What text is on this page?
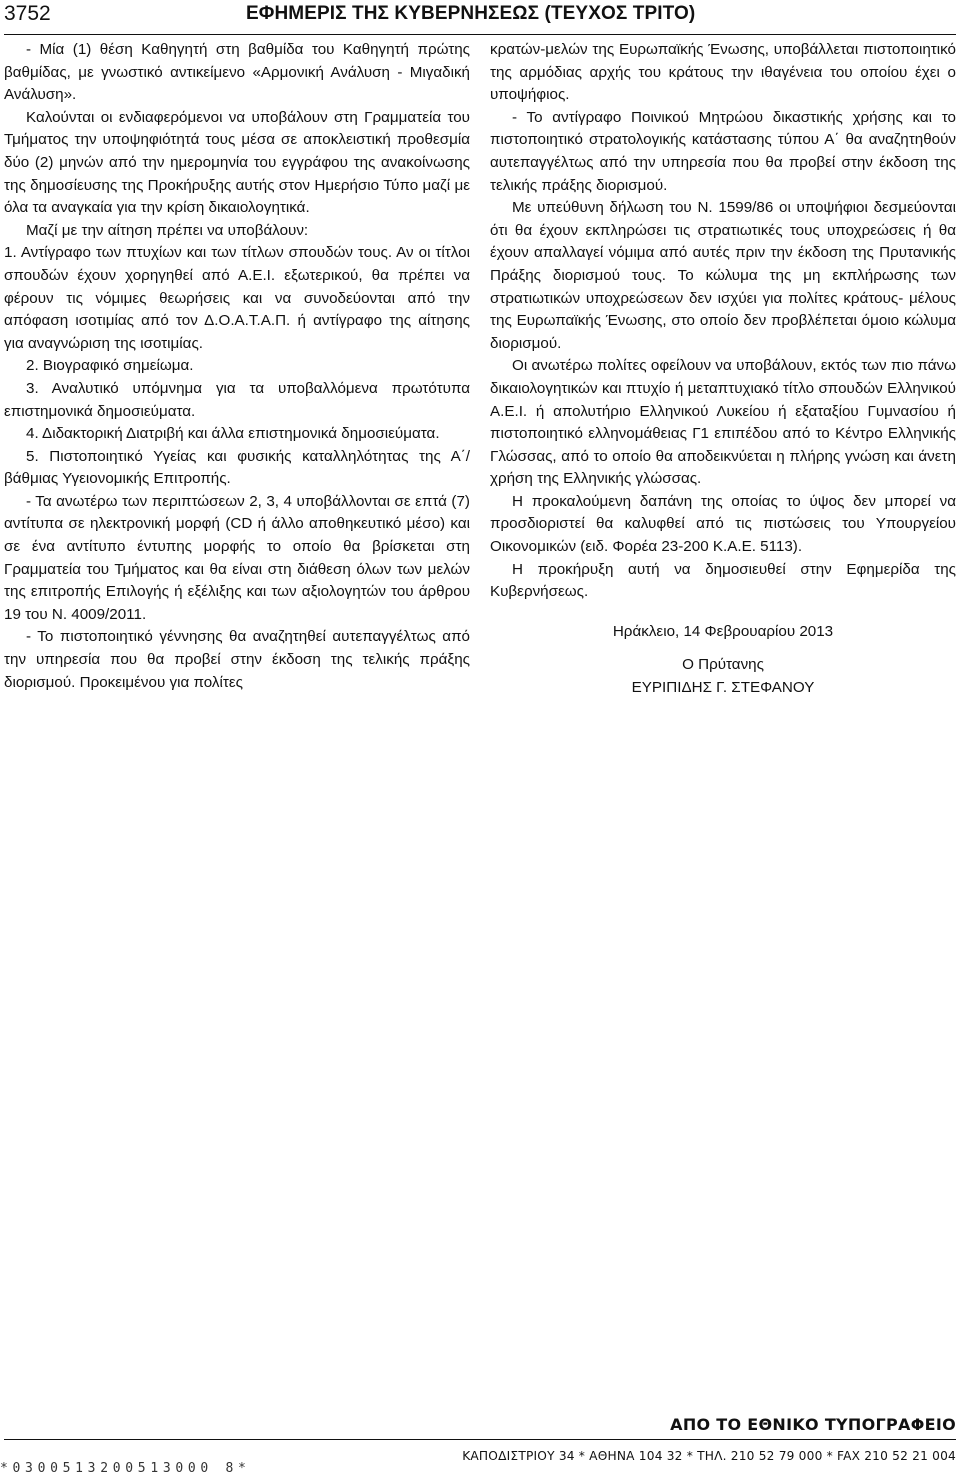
3752	ΕΦΗΜΕΡΙΣ ΤΗΣ ΚΥΒΕΡΝΗΣΕΩΣ (ΤΕΥΧΟΣ ΤΡΙΤΟ)

- Μία (1) θέση Καθηγητή στη βαθμίδα του Καθηγητή πρώτης βαθμίδας, με γνωστικό αντικείμενο «Αρμονική Ανάλυση - Μιγαδική Ανάλυση».

Καλούνται οι ενδιαφερόμενοι να υποβάλουν στη Γραμματεία του Τμήματος την υποψηφιότητά τους μέσα σε αποκλειστική προθεσμία δύο (2) μηνών από την ημερομηνία του εγγράφου της ανακοίνωσης της δημοσίευσης της Προκήρυξης αυτής στον Ημερήσιο Τύπο μαζί με όλα τα αναγκαία για την κρίση δικαιολογητικά.

Μαζί με την αίτηση πρέπει να υποβάλουν:

1. Αντίγραφο των πτυχίων και των τίτλων σπουδών τους. Αν οι τίτλοι σπουδών έχουν χορηγηθεί από Α.Ε.Ι. εξωτερικού, θα πρέπει να φέρουν τις νόμιμες θεωρήσεις και να συνοδεύονται από την απόφαση ισοτιμίας από τον Δ.Ο.Α.Τ.Α.Π. ή αντίγραφο της αίτησης για αναγνώριση της ισοτιμίας.

2. Βιογραφικό σημείωμα.

3. Αναλυτικό υπόμνημα για τα υποβαλλόμενα πρωτότυπα επιστημονικά δημοσιεύματα.

4. Διδακτορική Διατριβή και άλλα επιστημονικά δημοσιεύματα.

5. Πιστοποιητικό Υγείας και φυσικής καταλληλότητας της Α΄/βάθμιας Υγειονομικής Επιτροπής.

- Τα ανωτέρω των περιπτώσεων 2, 3, 4 υποβάλλονται σε επτά (7) αντίτυπα σε ηλεκτρονική μορφή (CD ή άλλο αποθηκευτικό μέσο) και σε ένα αντίτυπο έντυπης μορφής το οποίο θα βρίσκεται στη Γραμματεία του Τμήματος και θα είναι στη διάθεση όλων των μελών της επιτροπής Επιλογής ή εξέλιξης και των αξιολογητών του άρθρου 19 του Ν. 4009/2011.

- Το πιστοποιητικό γέννησης θα αναζητηθεί αυτεπαγγέλτως από την υπηρεσία που θα προβεί στην έκδοση της τελικής πράξης διορισμού. Προκειμένου για πολίτες

κρατών-μελών της Ευρωπαϊκής Ένωσης, υποβάλλεται πιστοποιητικό της αρμόδιας αρχής του κράτους την ιθαγένεια του οποίου έχει ο υποψήφιος.

- Το αντίγραφο Ποινικού Μητρώου δικαστικής χρήσης και το πιστοποιητικό στρατολογικής κατάστασης τύπου Α΄ θα αναζητηθούν αυτεπαγγέλτως από την υπηρεσία που θα προβεί στην έκδοση της τελικής πράξης διορισμού.

Με υπεύθυνη δήλωση του Ν. 1599/86 οι υποψήφιοι δεσμεύονται ότι θα έχουν εκπληρώσει τις στρατιωτικές τους υποχρεώσεις ή θα έχουν απαλλαγεί νόμιμα από αυτές πριν την έκδοση της Πρυτανικής Πράξης διορισμού τους. Το κώλυμα της μη εκπλήρωσης των στρατιωτικών υποχρεώσεων δεν ισχύει για πολίτες κράτους- μέλους της Ευρωπαϊκής Ένωσης, στο οποίο δεν προβλέπεται όμοιο κώλυμα διορισμού.

Οι ανωτέρω πολίτες οφείλουν να υποβάλουν, εκτός των πιο πάνω δικαιολογητικών και πτυχίο ή μεταπτυχιακό τίτλο σπουδών Ελληνικού Α.Ε.Ι. ή απολυτήριο Ελληνικού Λυκείου ή εξαταξίου Γυμνασίου ή πιστοποιητικό ελληνομάθειας Γ1 επιπέδου από το Κέντρο Ελληνικής Γλώσσας, από το οποίο θα αποδεικνύεται η πλήρης γνώση και άνετη χρήση της Ελληνικής γλώσσας.

Η προκαλούμενη δαπάνη της οποίας το ύψος δεν μπορεί να προσδιοριστεί θα καλυφθεί από τις πιστώσεις του Υπουργείου Οικονομικών (ειδ. Φορέα 23-200 Κ.Α.Ε. 5113).

Η προκήρυξη αυτή να δημοσιευθεί στην Εφημερίδα της Κυβερνήσεως.

Ηράκλειο, 14 Φεβρουαρίου 2013

Ο Πρύτανης

ΕΥΡΙΠΙΔΗΣ Γ. ΣΤΕΦΑΝΟΥ

ΑΠΟ ΤΟ ΕΘΝΙΚΟ ΤΥΠΟΓΡΑΦΕΙΟ
ΚΑΠΟΔΙΣΤΡΙΟΥ 34 * ΑΘΗΝΑ 104 32 * ΤΗΛ. 210 52 79 000 * FAX 210 52 21 004
*0300513200513000 8*
